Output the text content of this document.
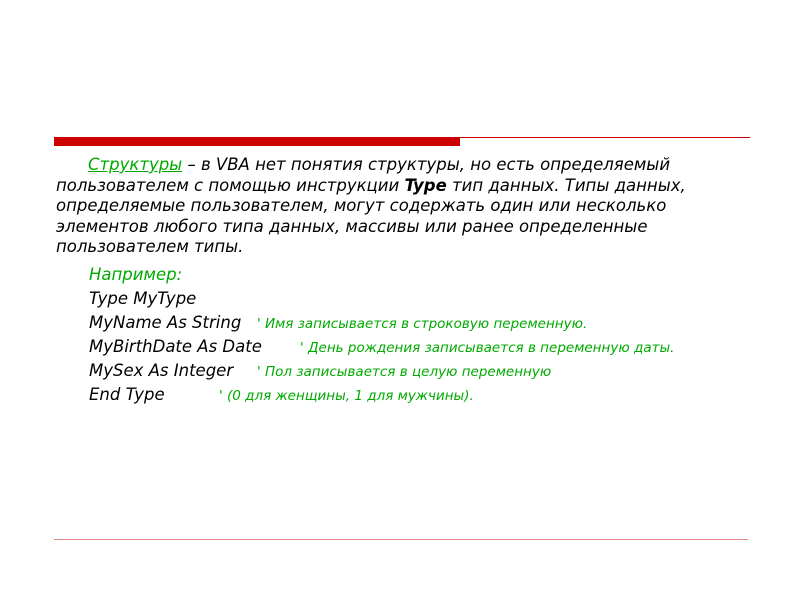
Структуры – в VBA нет понятия структуры, но есть определяемый пользователем с помощью инструкции Type тип данных. Типы данных, определяемые пользователем, могут содержать один или несколько элементов любого типа данных, массивы или ранее определенные пользователем типы.

Например:
Type MyType
MyName As String ' Имя записывается в строковую переменную.
MyBirthDate As Date	' День рождения записывается в переменную даты.
MySex As Integer ' Пол записывается в целую переменную
End Type	' (0 для женщины, 1 для мужчины).
